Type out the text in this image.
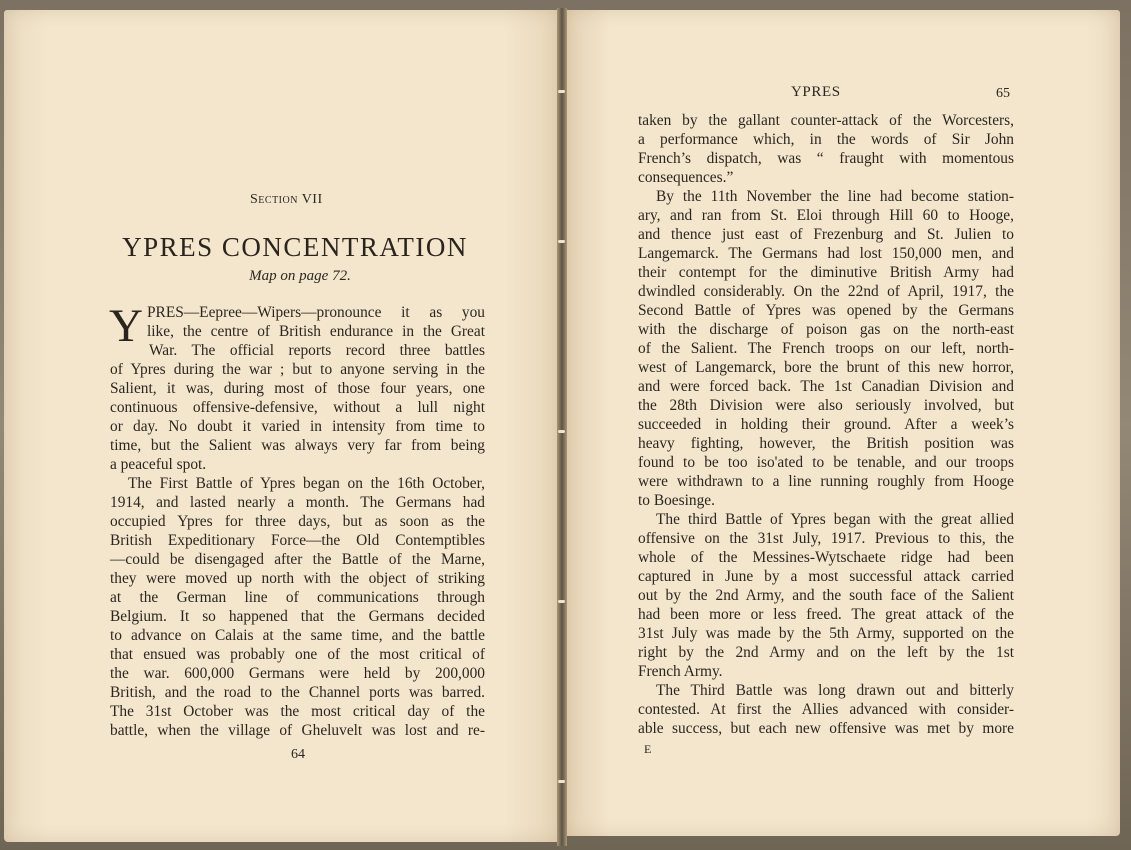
Section VII
YPRES CONCENTRATION
Map on page 72.
Y PRES—Eepree—Wipers—pronounce it as you
like, the centre of British endurance in the Great
War. The official reports record three battles
of Ypres during the war ; but to anyone serving in the
Salient, it was, during most of those four years, one
continuous offensive-defensive, without a lull night
or day. No doubt it varied in intensity from time to
time, but the Salient was always very far from being
a peaceful spot.
The First Battle of Ypres began on the 16th October,
1914, and lasted nearly a month. The Germans had
occupied Ypres for three days, but as soon as the
British Expeditionary Force—the Old Contemptibles
—could be disengaged after the Battle of the Marne,
they were moved up north with the object of striking
at the German line of communications through
Belgium. It so happened that the Germans decided
to advance on Calais at the same time, and the battle
that ensued was probably one of the most critical of
the war. 600,000 Germans were held by 200,000
British, and the road to the Channel ports was barred.
The 31st October was the most critical day of the
battle, when the village of Gheluvelt was lost and re-
64
YPRES	65
taken by the gallant counter-attack of the Worcesters,
a performance which, in the words of Sir John
French’s dispatch, was “ fraught with momentous
consequences.”
By the 11th November the line had become station-
ary, and ran from St. Eloi through Hill 60 to Hooge,
and thence just east of Frezenburg and St. Julien to
Langemarck. The Germans had lost 150,000 men, and
their contempt for the diminutive British Army had
dwindled considerably. On the 22nd of April, 1917, the
Second Battle of Ypres was opened by the Germans
with the discharge of poison gas on the north-east
of the Salient. The French troops on our left, north-
west of Langemarck, bore the brunt of this new horror,
and were forced back. The 1st Canadian Division and
the 28th Division were also seriously involved, but
succeeded in holding their ground. After a week’s
heavy fighting, however, the British position was
found to be too iso'ated to be tenable, and our troops
were withdrawn to a line running roughly from Hooge
to Boesinge.
The third Battle of Ypres began with the great allied
offensive on the 31st July, 1917. Previous to this, the
whole of the Messines-Wytschaete ridge had been
captured in June by a most successful attack carried
out by the 2nd Army, and the south face of the Salient
had been more or less freed. The great attack of the
31st July was made by the 5th Army, supported on the
right by the 2nd Army and on the left by the 1st
French Army.
The Third Battle was long drawn out and bitterly
contested. At first the Allies advanced with consider-
able success, but each new offensive was met by more
E
